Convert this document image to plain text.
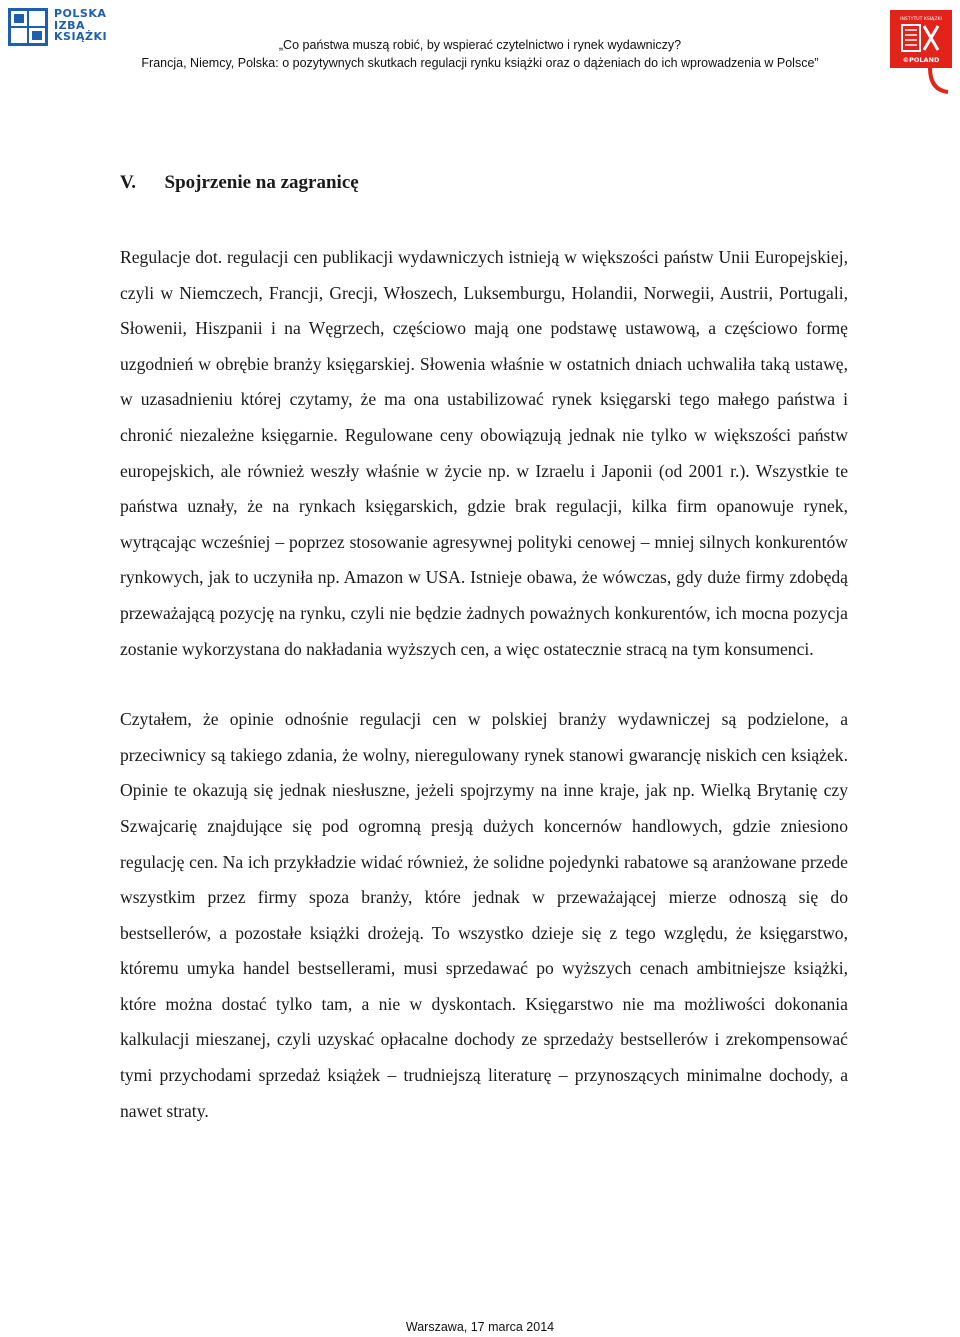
POLSKA
IZBA
KSIĄŻKI
„Co państwa muszą robić, by wspierać czytelnictwo i rynek wydawniczy?
Francja, Niemcy, Polska: o pozytywnych skutkach regulacji rynku książki oraz o dążeniach do ich wprowadzenia w Polsce”
INSTYTUT KSIĄŻKI
©POLAND
V.      Spojrzenie na zagranicę

Regulacje dot. regulacji cen publikacji wydawniczych istnieją w większości państw Unii Europejskiej, czyli w Niemczech, Francji, Grecji, Włoszech, Luksemburgu, Holandii, Norwegii, Austrii, Portugali, Słowenii, Hiszpanii i na Węgrzech, częściowo mają one podstawę ustawową, a częściowo formę uzgodnień w obrębie branży księgarskiej. Słowenia właśnie w ostatnich dniach uchwaliła taką ustawę, w uzasadnieniu której czytamy, że ma ona ustabilizować rynek księgarski tego małego państwa i chronić niezależne księgarnie. Regulowane ceny obowiązują jednak nie tylko w większości państw europejskich, ale również weszły właśnie w życie np. w Izraelu i Japonii (od 2001 r.). Wszystkie te państwa uznały, że na rynkach księgarskich, gdzie brak regulacji, kilka firm opanowuje rynek, wytrącając wcześniej – poprzez stosowanie agresywnej polityki cenowej – mniej silnych konkurentów rynkowych, jak to uczyniła np. Amazon w USA. Istnieje obawa, że wówczas, gdy duże firmy zdobędą przeważającą pozycję na rynku, czyli nie będzie żadnych poważnych konkurentów, ich mocna pozycja zostanie wykorzystana do nakładania wyższych cen, a więc ostatecznie stracą na tym konsumenci.

Czytałem, że opinie odnośnie regulacji cen w polskiej branży wydawniczej są podzielone, a przeciwnicy są takiego zdania, że wolny, nieregulowany rynek stanowi gwarancję niskich cen książek. Opinie te okazują się jednak niesłuszne, jeżeli spojrzymy na inne kraje, jak np. Wielką Brytanię czy Szwajcarię znajdujące się pod ogromną presją dużych koncernów handlowych, gdzie zniesiono regulację cen. Na ich przykładzie widać również, że solidne pojedynki rabatowe są aranżowane przede wszystkim przez firmy spoza branży, które jednak w przeważającej mierze odnoszą się do bestsellerów, a pozostałe książki drożeją. To wszystko dzieje się z tego względu, że księgarstwo, któremu umyka handel bestsellerami, musi sprzedawać po wyższych cenach ambitniejsze książki, które można dostać tylko tam, a nie w dyskontach. Księgarstwo nie ma możliwości dokonania kalkulacji mieszanej, czyli uzyskać opłacalne dochody ze sprzedaży bestsellerów i zrekompensować tymi przychodami sprzedaż książek – trudniejszą literaturę – przynoszących minimalne dochody, a nawet straty.

Warszawa, 17 marca 2014
